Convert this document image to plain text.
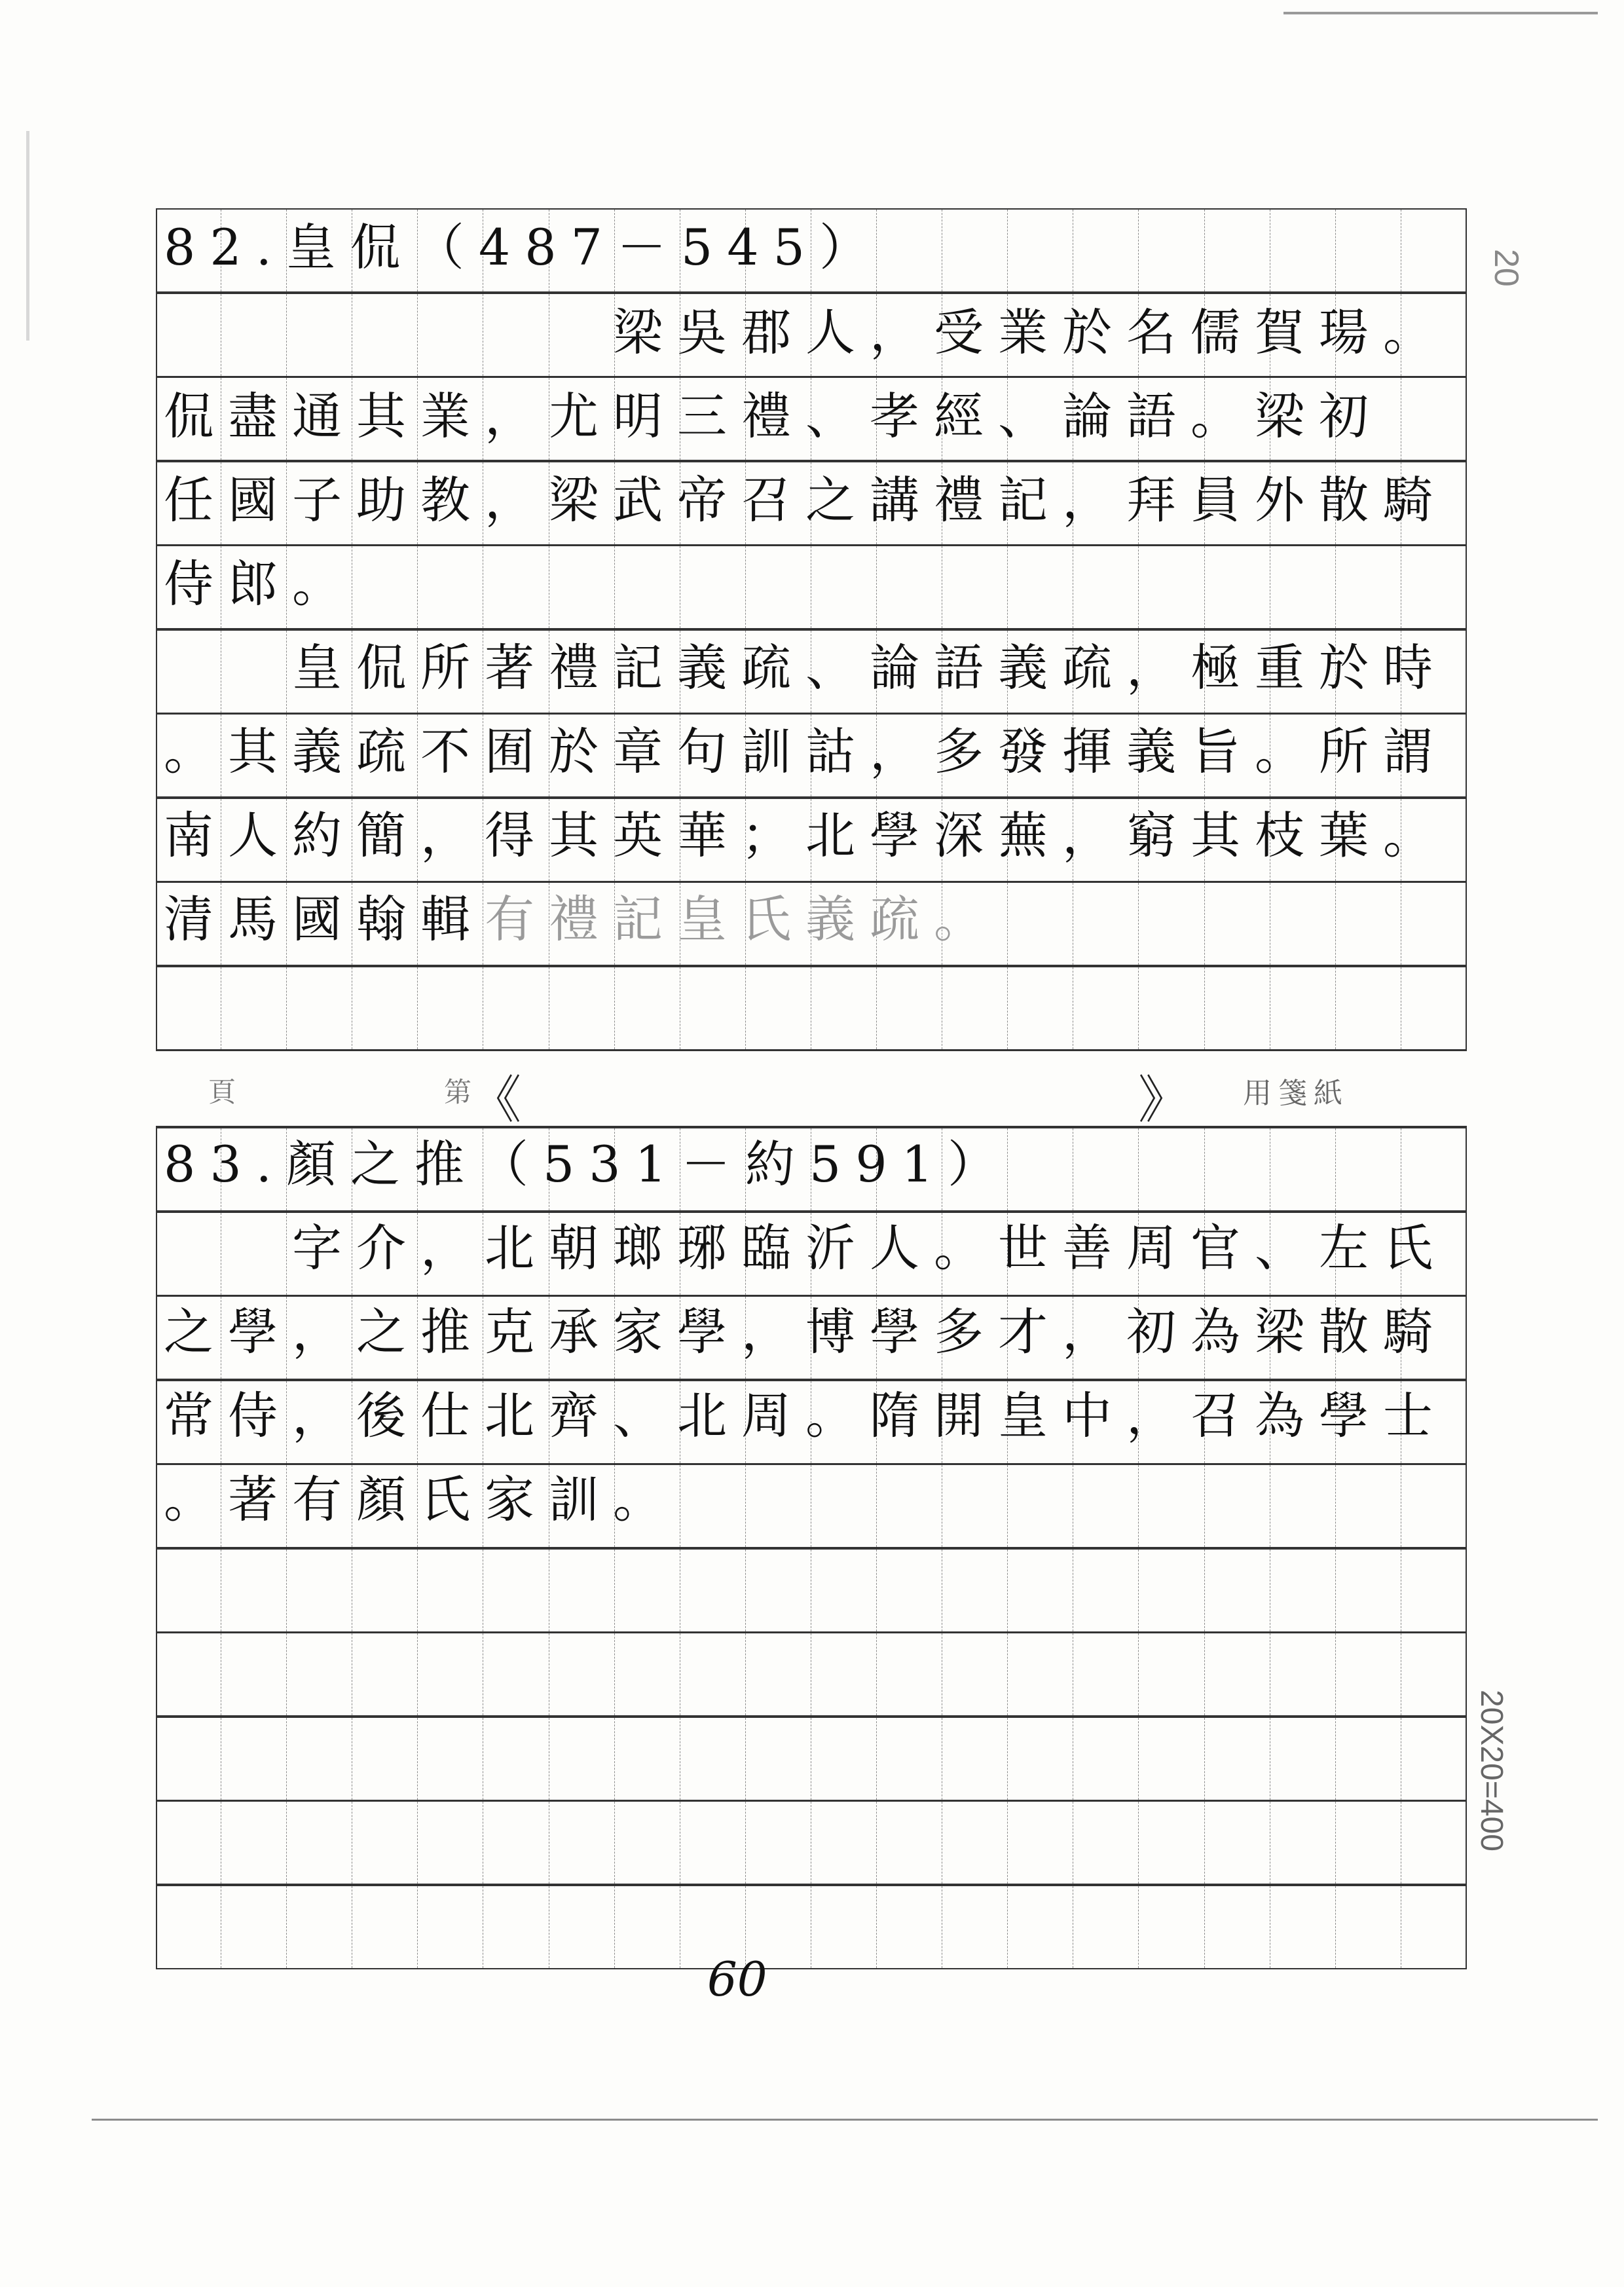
20
頁	第
《	》 用箋紙
82.皇侃（487－545）
　　　　　　　梁吳郡人，受業於名儒賀瑒。
侃盡通其業，尤明三禮、孝經、論語。梁初
任國子助教，梁武帝召之講禮記，拜員外散騎
侍郎。
　　皇侃所著禮記義疏、論語義疏，極重於時
。其義疏不囿於章句訓詁，多發揮義旨。所謂
南人約簡，得其英華；北學深蕪，窮其枝葉。
清馬國翰輯有禮記皇氏義疏。
83.顏之推（531－約591）
　　字介，北朝瑯琊臨沂人。世善周官、左氏
之學，之推克承家學，博學多才，初為梁散騎
常侍，後仕北齊、北周。隋開皇中，召為學士
。著有顏氏家訓。
20X20=400
60
